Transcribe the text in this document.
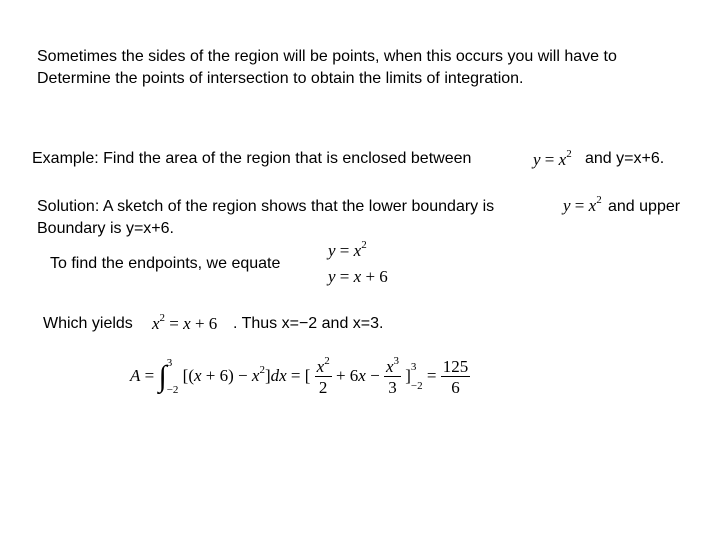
Sometimes the sides of the region will be points, when this occurs you will have to
Determine the points of intersection to obtain the limits of integration.
Example: Find the area of the region that is enclosed between	$y = x^2$ and y=x+6.
Solution: A sketch of the region shows that the lower boundary is	$y = x^2$ and upper
Boundary is y=x+6.
To find the endpoints, we equate
$y = x^2$
y = x + 6
Which yields $x^2 = x + 6$ . Thus x=−2 and x=3.
A = ∫ 3
−2
$[(x + 6) - x^2]dx$ = [ $\frac{x^2}{2} + 6x - \frac{x^3}{3}$ ] 3
−2
= $\frac{125}{6}$
